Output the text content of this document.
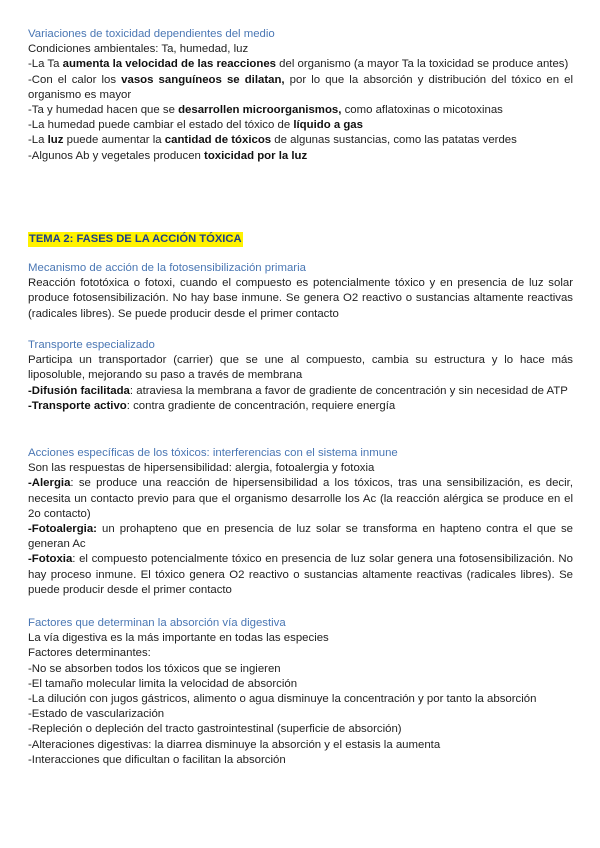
Variaciones de toxicidad dependientes del medio

Condiciones ambientales: Ta, humedad, luz

-La Ta aumenta la velocidad de las reacciones del organismo (a mayor Ta la toxicidad se produce antes)

-Con el calor los vasos sanguíneos se dilatan, por lo que la absorción y distribución del tóxico en el organismo es mayor

-Ta y humedad hacen que se desarrollen microorganismos, como aflatoxinas o micotoxinas

-La humedad puede cambiar el estado del tóxico de líquido a gas

-La luz puede aumentar la cantidad de tóxicos de algunas sustancias, como las patatas verdes

-Algunos Ab y vegetales producen toxicidad por la luz

TEMA 2: FASES DE LA ACCIÓN TÓXICA

Mecanismo de acción de la fotosensibilización primaria

Reacción fototóxica o fotoxi, cuando el compuesto es potencialmente tóxico y en presencia de luz solar produce fotosensibilización. No hay base inmune. Se genera O2 reactivo o sustancias altamente reactivas (radicales libres). Se puede producir desde el primer contacto

Transporte especializado

Participa un transportador (carrier) que se une al compuesto, cambia su estructura y lo hace más liposoluble, mejorando su paso a través de membrana

-Difusión facilitada: atraviesa la membrana a favor de gradiente de concentración y sin necesidad de ATP

-Transporte activo: contra gradiente de concentración, requiere energía

Acciones específicas de los tóxicos: interferencias con el sistema inmune

Son las respuestas de hipersensibilidad: alergia, fotoalergia y fotoxia

-Alergia: se produce una reacción de hipersensibilidad a los tóxicos, tras una sensibilización, es decir, necesita un contacto previo para que el organismo desarrolle los Ac (la reacción alérgica se produce en el 2o contacto)

-Fotoalergia: un prohapteno que en presencia de luz solar se transforma en hapteno contra el que se generan Ac

-Fotoxia: el compuesto potencialmente tóxico en presencia de luz solar genera una fotosensibilización. No hay proceso inmune. El tóxico genera O2 reactivo o sustancias altamente reactivas (radicales libres). Se puede producir desde el primer contacto

Factores que determinan la absorción vía digestiva

La vía digestiva es la más importante en todas las especies

Factores determinantes:

-No se absorben todos los tóxicos que se ingieren

-El tamaño molecular limita la velocidad de absorción

-La dilución con jugos gástricos, alimento o agua disminuye la concentración y por tanto la absorción

-Estado de vascularización

-Repleción o depleción del tracto gastrointestinal (superficie de absorción)

-Alteraciones digestivas: la diarrea disminuye la absorción y el estasis la aumenta

-Interacciones que dificultan o facilitan la absorción
